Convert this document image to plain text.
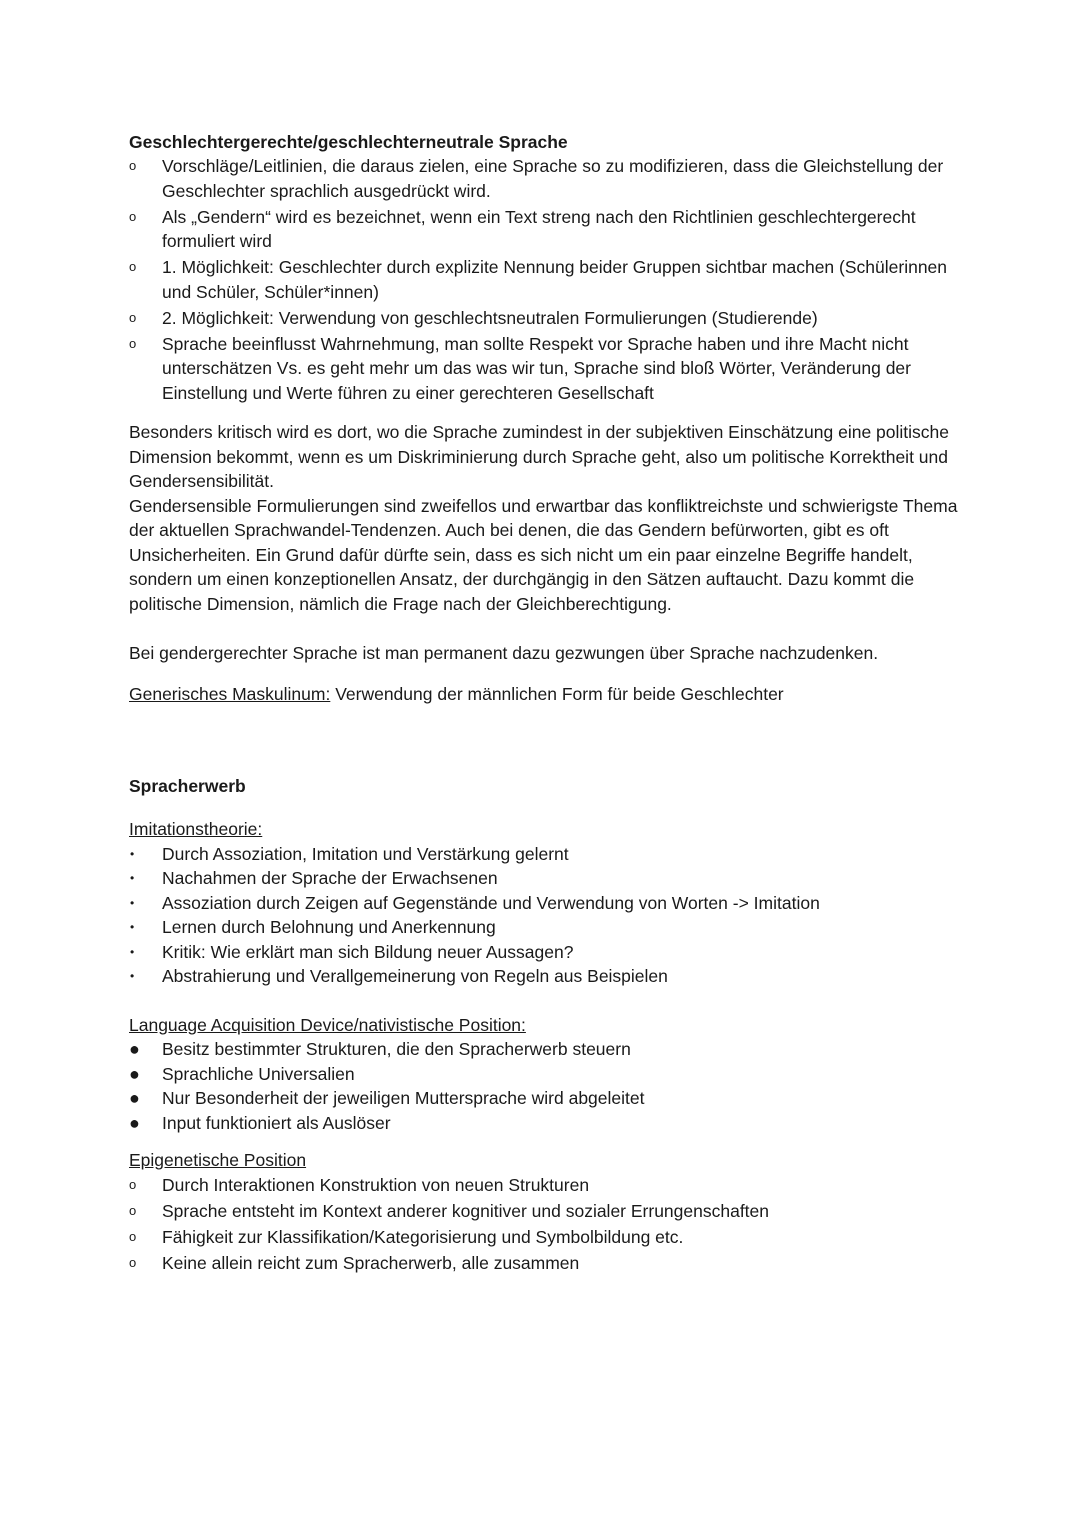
Geschlechtergerechte/geschlechterneutrale Sprache
o	Vorschläge/Leitlinien, die daraus zielen, eine Sprache so zu modifizieren, dass die Gleichstellung der Geschlechter sprachlich ausgedrückt wird.
o	Als „Gendern“ wird es bezeichnet, wenn ein Text streng nach den Richtlinien geschlechtergerecht formuliert wird
o	1. Möglichkeit: Geschlechter durch explizite Nennung beider Gruppen sichtbar machen (Schülerinnen und Schüler, Schüler*innen)
o	2. Möglichkeit: Verwendung von geschlechtsneutralen Formulierungen (Studierende)
o	Sprache beeinflusst Wahrnehmung, man sollte Respekt vor Sprache haben und ihre Macht nicht unterschätzen Vs. es geht mehr um das was wir tun, Sprache sind bloß Wörter, Veränderung der Einstellung und Werte führen zu einer gerechteren Gesellschaft

Besonders kritisch wird es dort, wo die Sprache zumindest in der subjektiven Einschätzung eine politische Dimension bekommt, wenn es um Diskriminierung durch Sprache geht, also um politische Korrektheit und Gendersensibilität.

Gendersensible Formulierungen sind zweifellos und erwartbar das konfliktreichste und schwierigste Thema der aktuellen Sprachwandel-Tendenzen. Auch bei denen, die das Gendern befürworten, gibt es oft Unsicherheiten. Ein Grund dafür dürfte sein, dass es sich nicht um ein paar einzelne Begriffe handelt, sondern um einen konzeptionellen Ansatz, der durchgängig in den Sätzen auftaucht. Dazu kommt die politische Dimension, nämlich die Frage nach der Gleichberechtigung.

Bei gendergerechter Sprache ist man permanent dazu gezwungen über Sprache nachzudenken.

Generisches Maskulinum: Verwendung der männlichen Form für beide Geschlechter

Spracherwerb

Imitationstheorie:

•	Durch Assoziation, Imitation und Verstärkung gelernt
•	Nachahmen der Sprache der Erwachsenen
•	Assoziation durch Zeigen auf Gegenstände und Verwendung von Worten -> Imitation
•	Lernen durch Belohnung und Anerkennung
•	Kritik: Wie erklärt man sich Bildung neuer Aussagen?
•	Abstrahierung und Verallgemeinerung von Regeln aus Beispielen

Language Acquisition Device/nativistische Position:

● Besitz bestimmter Strukturen, die den Spracherwerb steuern
● Sprachliche Universalien
● Nur Besonderheit der jeweiligen Muttersprache wird abgeleitet
● Input funktioniert als Auslöser

Epigenetische Position

o	Durch Interaktionen Konstruktion von neuen Strukturen
o	Sprache entsteht im Kontext anderer kognitiver und sozialer Errungenschaften
o	Fähigkeit zur Klassifikation/Kategorisierung und Symbolbildung etc.
o	Keine allein reicht zum Spracherwerb, alle zusammen
